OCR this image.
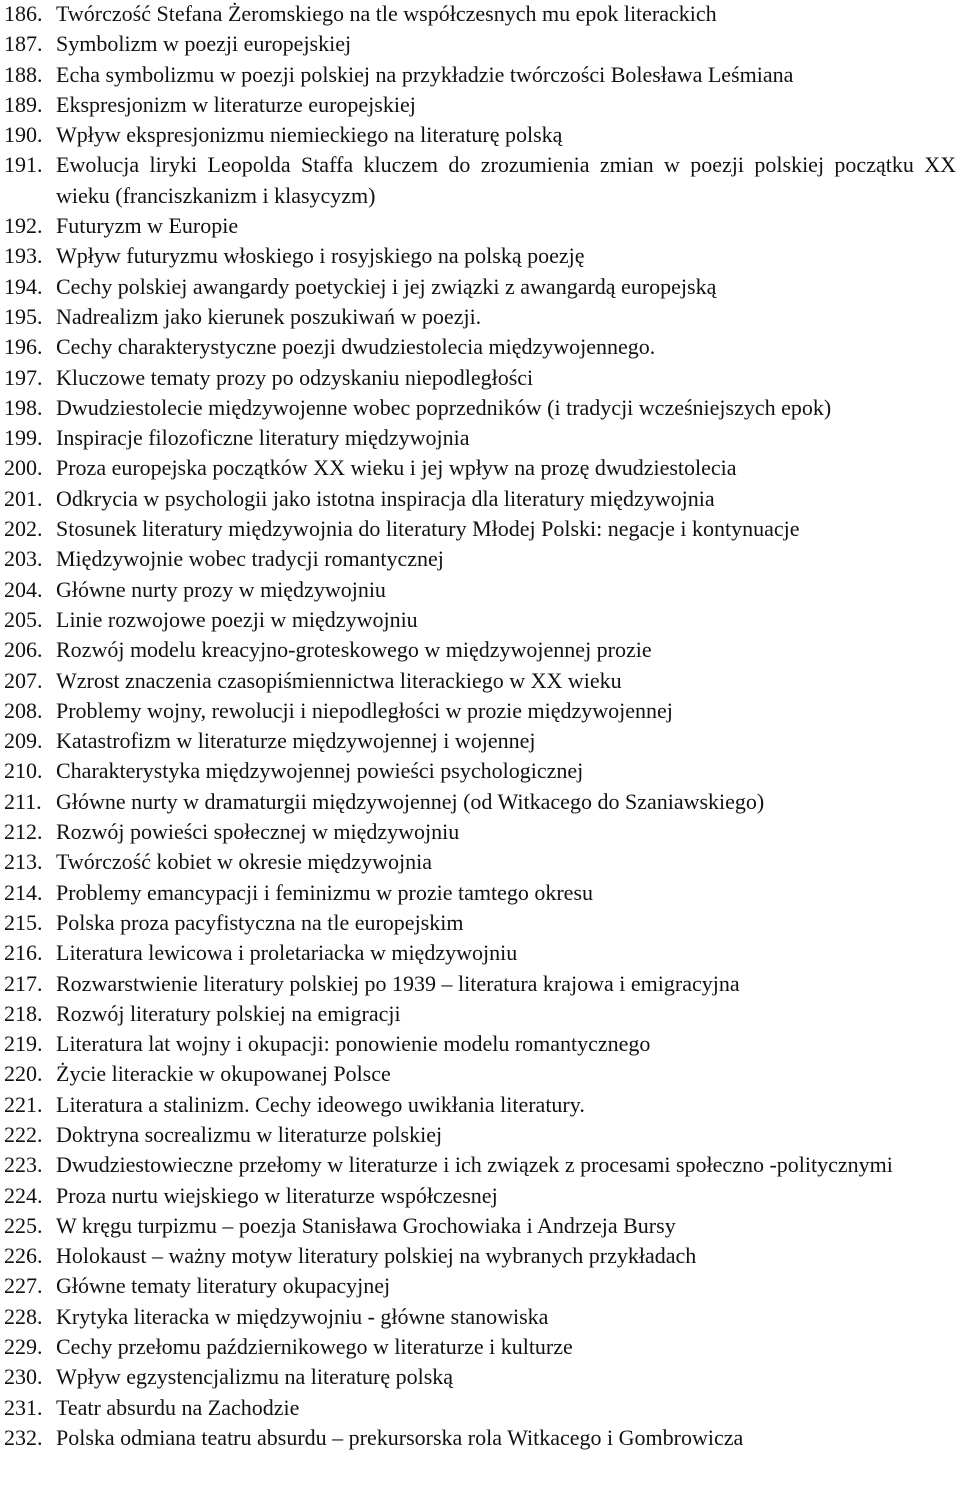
186. Twórczość Stefana Żeromskiego na tle współczesnych mu epok literackich
187. Symbolizm w poezji europejskiej
188. Echa symbolizmu w poezji polskiej na przykładzie twórczości Bolesława Leśmiana
189. Ekspresjonizm w literaturze europejskiej
190. Wpływ ekspresjonizmu niemieckiego na literaturę polską
191. Ewolucja liryki Leopolda Staffa kluczem do zrozumienia zmian w poezji polskiej początku XX wieku (franciszkanizm i klasycyzm)
192. Futuryzm w Europie
193. Wpływ futuryzmu włoskiego i rosyjskiego na polską poezję
194. Cechy polskiej awangardy poetyckiej i jej związki z awangardą europejską
195. Nadrealizm jako kierunek poszukiwań w poezji.
196. Cechy charakterystyczne poezji dwudziestolecia międzywojennego.
197. Kluczowe tematy prozy po odzyskaniu niepodległości
198. Dwudziestolecie międzywojenne wobec poprzedników (i tradycji wcześniejszych epok)
199. Inspiracje filozoficzne literatury międzywojnia
200. Proza europejska początków XX wieku i jej wpływ na prozę dwudziestolecia
201. Odkrycia w psychologii jako istotna inspiracja dla literatury międzywojnia
202. Stosunek literatury międzywojnia do literatury Młodej Polski: negacje i kontynuacje
203. Międzywojnie wobec tradycji romantycznej
204. Główne nurty prozy w międzywojniu
205. Linie rozwojowe poezji w międzywojniu
206. Rozwój modelu kreacyjno-groteskowego w międzywojennej prozie
207. Wzrost znaczenia czasopiśmiennictwa literackiego w XX wieku
208. Problemy wojny, rewolucji i niepodległości w prozie międzywojennej
209. Katastrofizm w literaturze międzywojennej i wojennej
210. Charakterystyka międzywojennej powieści psychologicznej
211. Główne nurty w dramaturgii międzywojennej (od Witkacego do Szaniawskiego)
212. Rozwój powieści społecznej w międzywojniu
213. Twórczość kobiet w okresie międzywojnia
214. Problemy emancypacji i feminizmu w prozie tamtego okresu
215. Polska proza pacyfistyczna na tle europejskim
216. Literatura lewicowa i proletariacka w międzywojniu
217. Rozwarstwienie literatury polskiej po 1939 – literatura krajowa i emigracyjna
218. Rozwój literatury polskiej na emigracji
219. Literatura lat wojny i okupacji: ponowienie modelu romantycznego
220. Życie literackie w okupowanej Polsce
221. Literatura a stalinizm. Cechy ideowego uwikłania literatury.
222. Doktryna socrealizmu w literaturze polskiej
223. Dwudziestowieczne przełomy w literaturze i ich związek z procesami społeczno -politycznymi
224. Proza nurtu wiejskiego w literaturze współczesnej
225. W kręgu turpizmu – poezja Stanisława Grochowiaka i Andrzeja Bursy
226. Holokaust – ważny motyw literatury polskiej na wybranych przykładach
227. Główne tematy literatury okupacyjnej
228. Krytyka literacka w międzywojniu - główne stanowiska
229. Cechy przełomu październikowego w literaturze i kulturze
230. Wpływ egzystencjalizmu na literaturę polską
231. Teatr absurdu na Zachodzie
232. Polska odmiana teatru absurdu – prekursorska rola Witkacego i Gombrowicza
